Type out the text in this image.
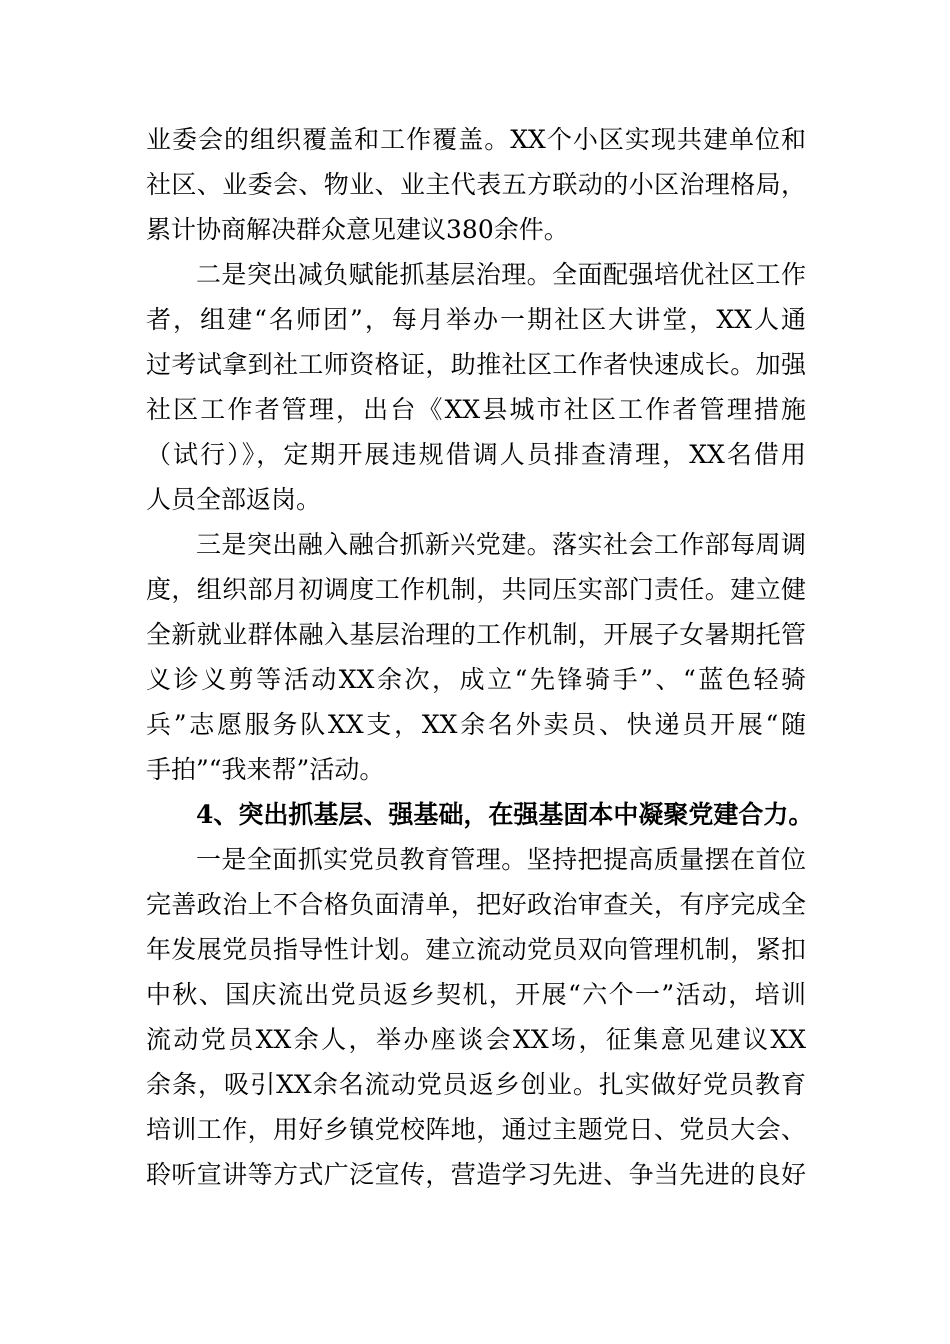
业委会的组织覆盖和工作覆盖。XX个小区实现共建单位和
社区、业委会、物业、业主代表五方联动的小区治理格局，
累计协商解决群众意见建议380余件。
二是突出减负赋能抓基层治理。全面配强培优社区工作
者，组建“名师团”，每月举办一期社区大讲堂，XX人通
过考试拿到社工师资格证，助推社区工作者快速成长。加强
社区工作者管理，出台《XX县城市社区工作者管理措施
（试行）》，定期开展违规借调人员排查清理，XX名借用
人员全部返岗。
三是突出融入融合抓新兴党建。落实社会工作部每周调
度，组织部月初调度工作机制，共同压实部门责任。建立健
全新就业群体融入基层治理的工作机制，开展子女暑期托管
义诊义剪等活动XX余次，成立“先锋骑手”、“蓝色轻骑
兵”志愿服务队XX支，XX余名外卖员、快递员开展“随
手拍”“我来帮”活动。
4、突出抓基层、强基础，在强基固本中凝聚党建合力。
一是全面抓实党员教育管理。坚持把提高质量摆在首位
完善政治上不合格负面清单，把好政治审查关，有序完成全
年发展党员指导性计划。建立流动党员双向管理机制，紧扣
中秋、国庆流出党员返乡契机，开展“六个一”活动，培训
流动党员XX余人，举办座谈会XX场，征集意见建议XX
余条，吸引XX余名流动党员返乡创业。扎实做好党员教育
培训工作，用好乡镇党校阵地，通过主题党日、党员大会、
聆听宣讲等方式广泛宣传，营造学习先进、争当先进的良好
